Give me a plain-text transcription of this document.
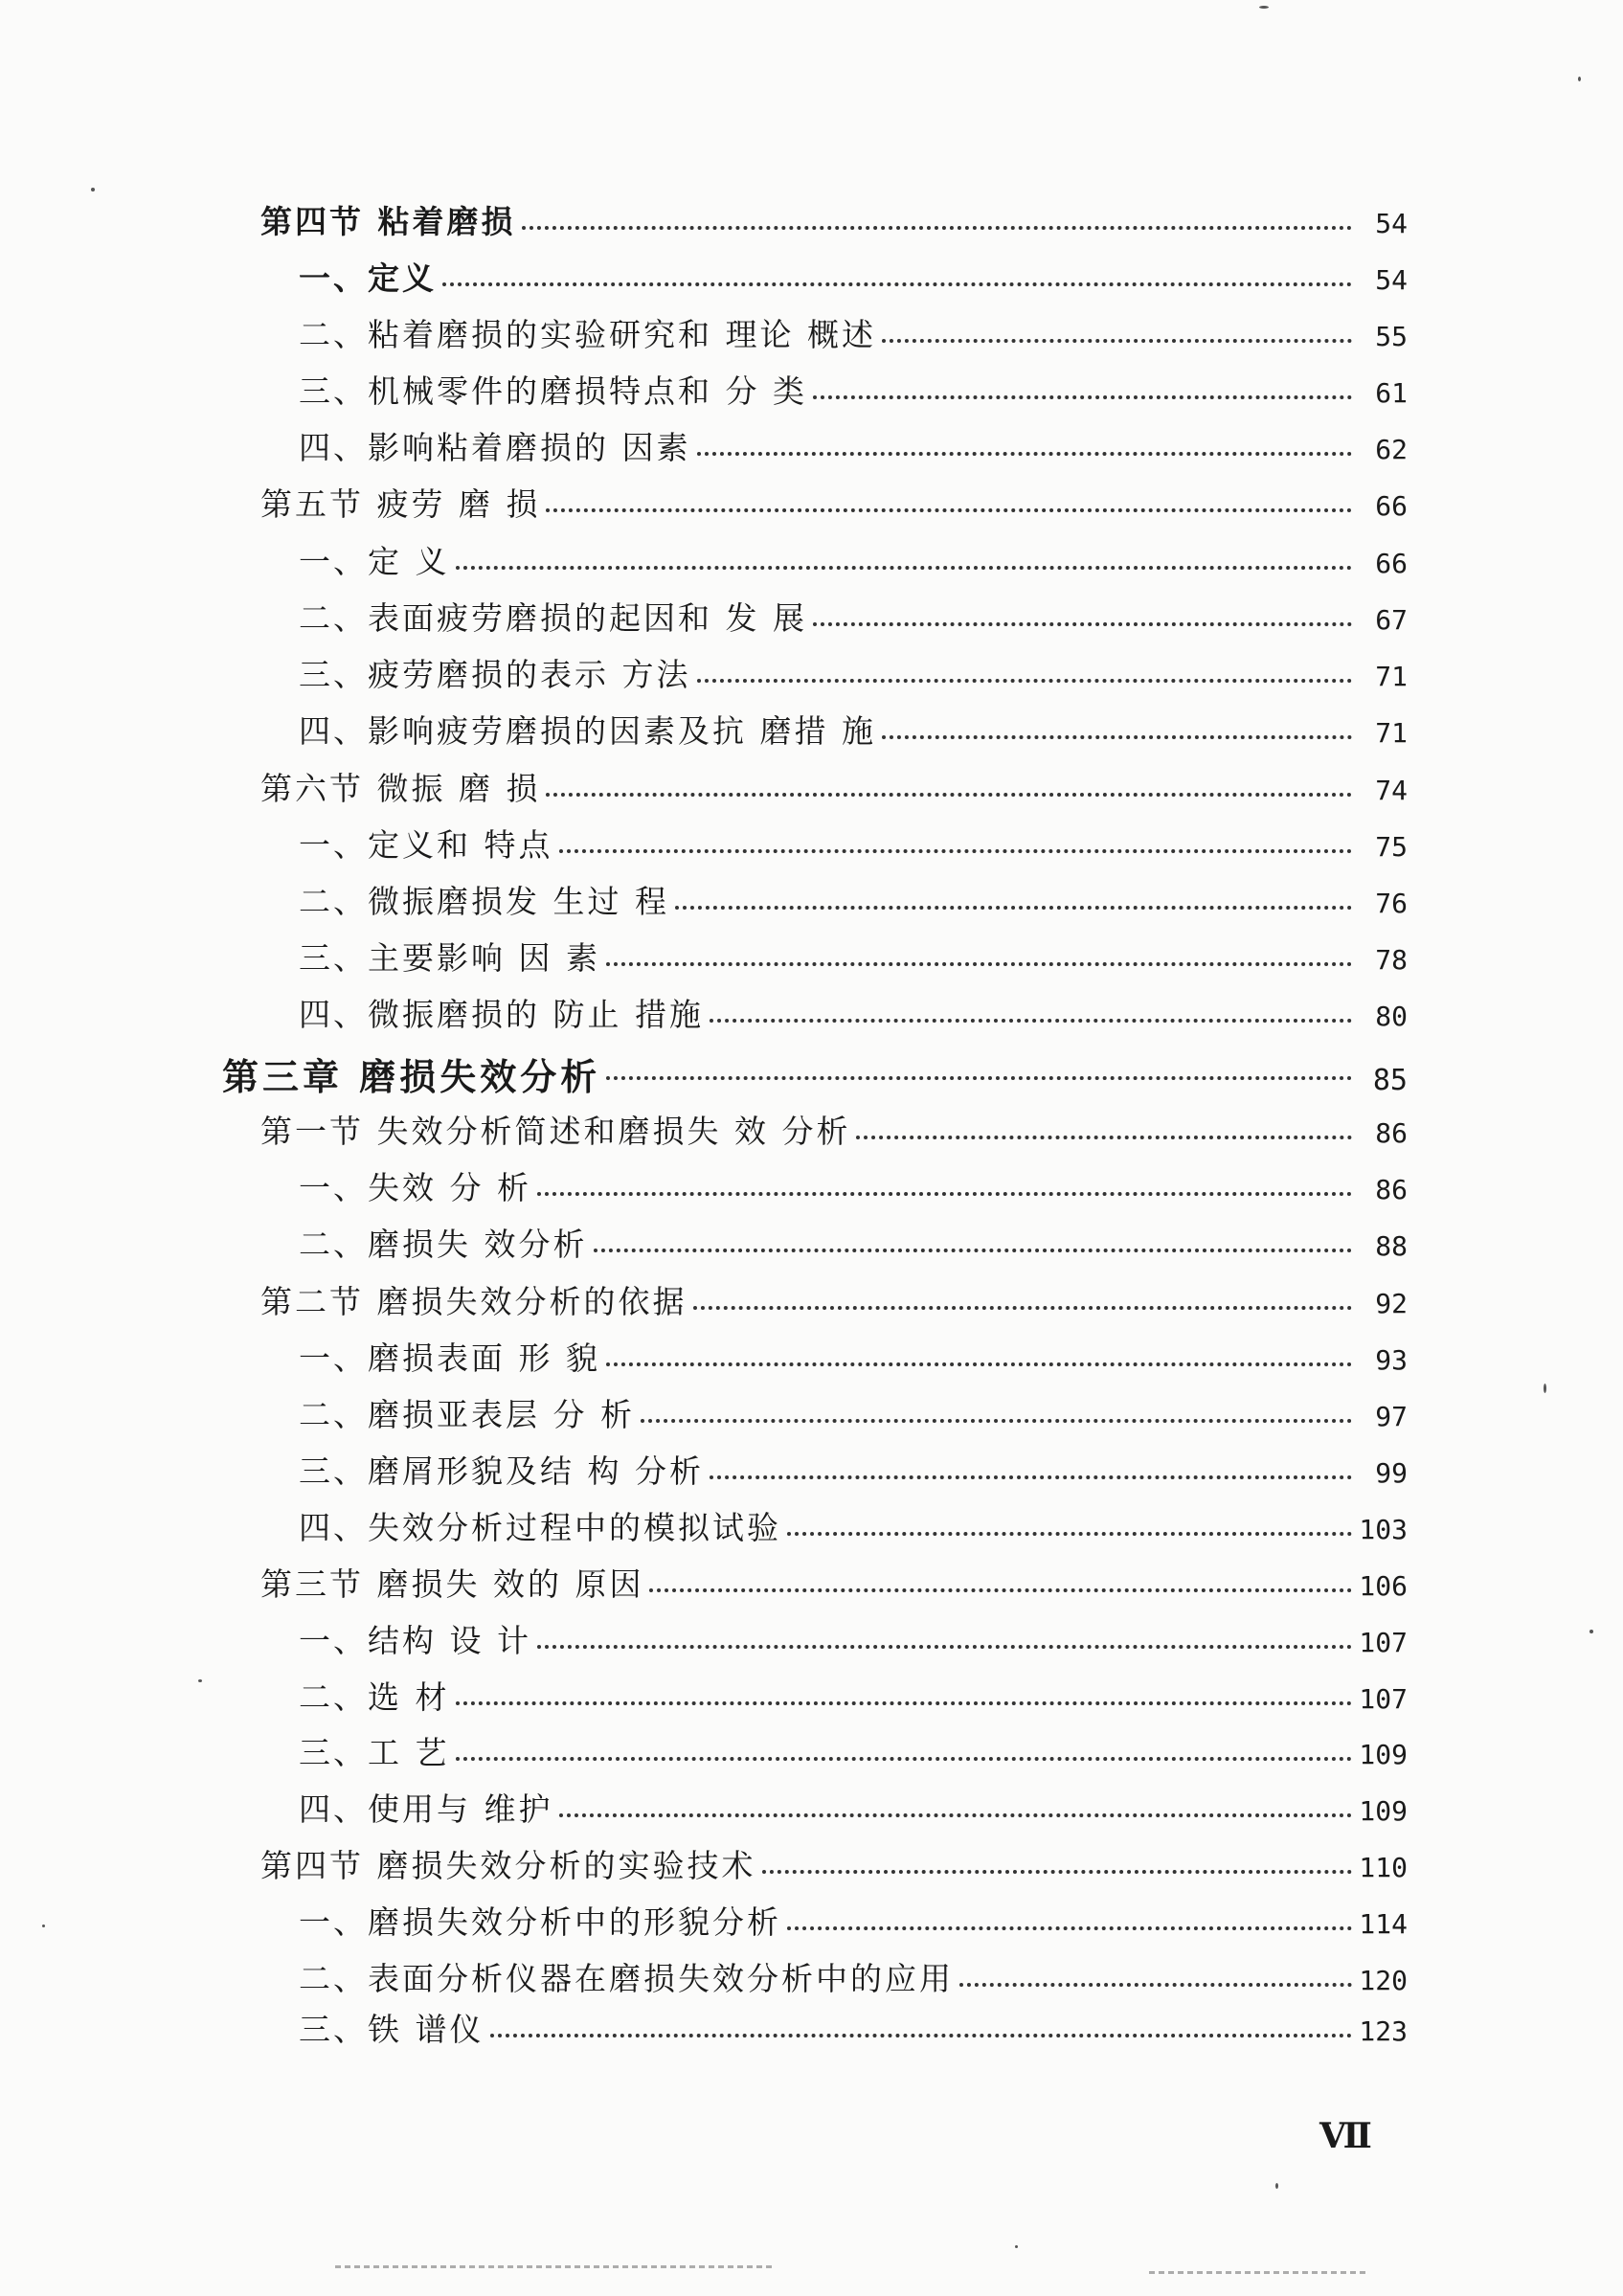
第四节 粘着磨损	54
一、定义	54
二、粘着磨损的实验研究和 理论 概述	55
三、机械零件的磨损特点和 分 类	61
四、影响粘着磨损的 因素	62
第五节 疲劳 磨 损	66
一、定 义	66
二、表面疲劳磨损的起因和 发 展	67
三、疲劳磨损的表示 方法	71
四、影响疲劳磨损的因素及抗 磨措 施	71
第六节 微振 磨 损	74
一、定义和 特点	75
二、微振磨损发 生过 程	76
三、主要影响 因 素	78
四、微振磨损的 防止 措施	80
第三章 磨损失效分析	85
第一节 失效分析简述和磨损失 效 分析	86
一、失效 分 析	86
二、磨损失 效分析	88
第二节 磨损失效分析的依据	92
一、磨损表面 形 貌	93
二、磨损亚表层 分 析	97
三、磨屑形貌及结 构 分析	99
四、失效分析过程中的模拟试验	103
第三节 磨损失 效的 原因	106
一、结构 设 计	107
二、选 材	107
三、工 艺	109
四、使用与 维护	109
第四节 磨损失效分析的实验技术	110
一、磨损失效分析中的形貌分析	114
二、表面分析仪器在磨损失效分析中的应用	120
三、铁 谱仪	123
Ⅶ
